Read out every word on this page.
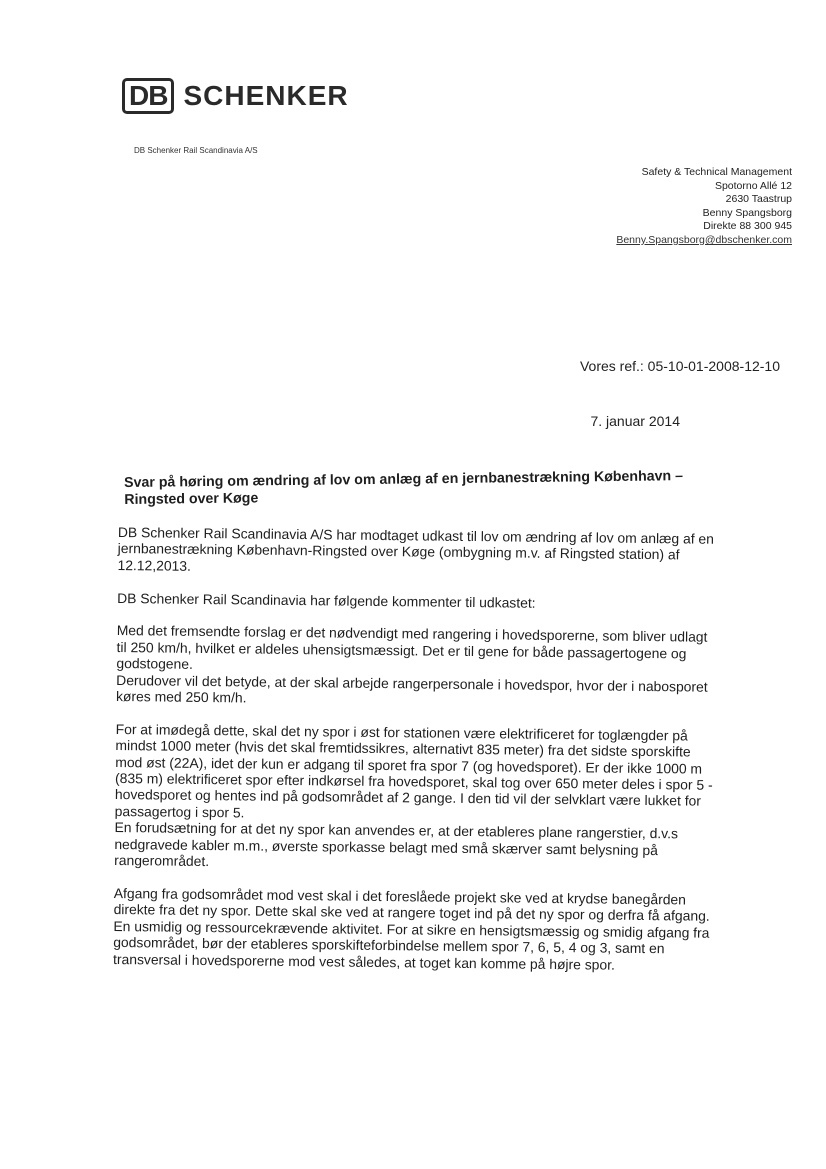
DB SCHENKER
DB Schenker Rail Scandinavia A/S
Safety & Technical Management
Spotorno Allé 12
2630 Taastrup
Benny Spangsborg
Direkte 88 300 945
Benny.Spangsborg@dbschenker.com
Vores ref.: 05-10-01-2008-12-10
7. januar 2014
Svar på høring om ændring af lov om anlæg af en jernbanestrækning København – Ringsted over Køge

DB Schenker Rail Scandinavia A/S har modtaget udkast til lov om ændring af lov om anlæg af en jernbanestrækning København-Ringsted over Køge (ombygning m.v. af Ringsted station) af 12.12,2013.

DB Schenker Rail Scandinavia har følgende kommenter til udkastet:

Med det fremsendte forslag er det nødvendigt med rangering i hovedsporerne, som bliver udlagt til 250 km/h, hvilket er aldeles uhensigtsmæssigt. Det er til gene for både passagertogene og godstogene.

Derudover vil det betyde, at der skal arbejde rangerpersonale i hovedspor, hvor der i nabosporet køres med 250 km/h.

For at imødegå dette, skal det ny spor i øst for stationen være elektrificeret for toglængder på mindst 1000 meter (hvis det skal fremtidssikres, alternativt 835 meter) fra det sidste sporskifte mod øst (22A), idet der kun er adgang til sporet fra spor 7 (og hovedsporet). Er der ikke 1000 m (835 m) elektrificeret spor efter indkørsel fra hovedsporet, skal tog over 650 meter deles i spor 5 - hovedsporet og hentes ind på godsområdet af 2 gange. I den tid vil der selvklart være lukket for passagertog i spor 5.

En forudsætning for at det ny spor kan anvendes er, at der etableres plane rangerstier, d.v.s nedgravede kabler m.m., øverste sporkasse belagt med små skærver samt belysning på rangerområdet.

Afgang fra godsområdet mod vest skal i det foreslåede projekt ske ved at krydse banegården direkte fra det ny spor. Dette skal ske ved at rangere toget ind på det ny spor og derfra få afgang. En usmidig og ressourcekrævende aktivitet. For at sikre en hensigtsmæssig og smidig afgang fra godsområdet, bør der etableres sporskifteforbindelse mellem spor 7, 6, 5, 4 og 3, samt en transversal i hovedsporerne mod vest således, at toget kan komme på højre spor.
